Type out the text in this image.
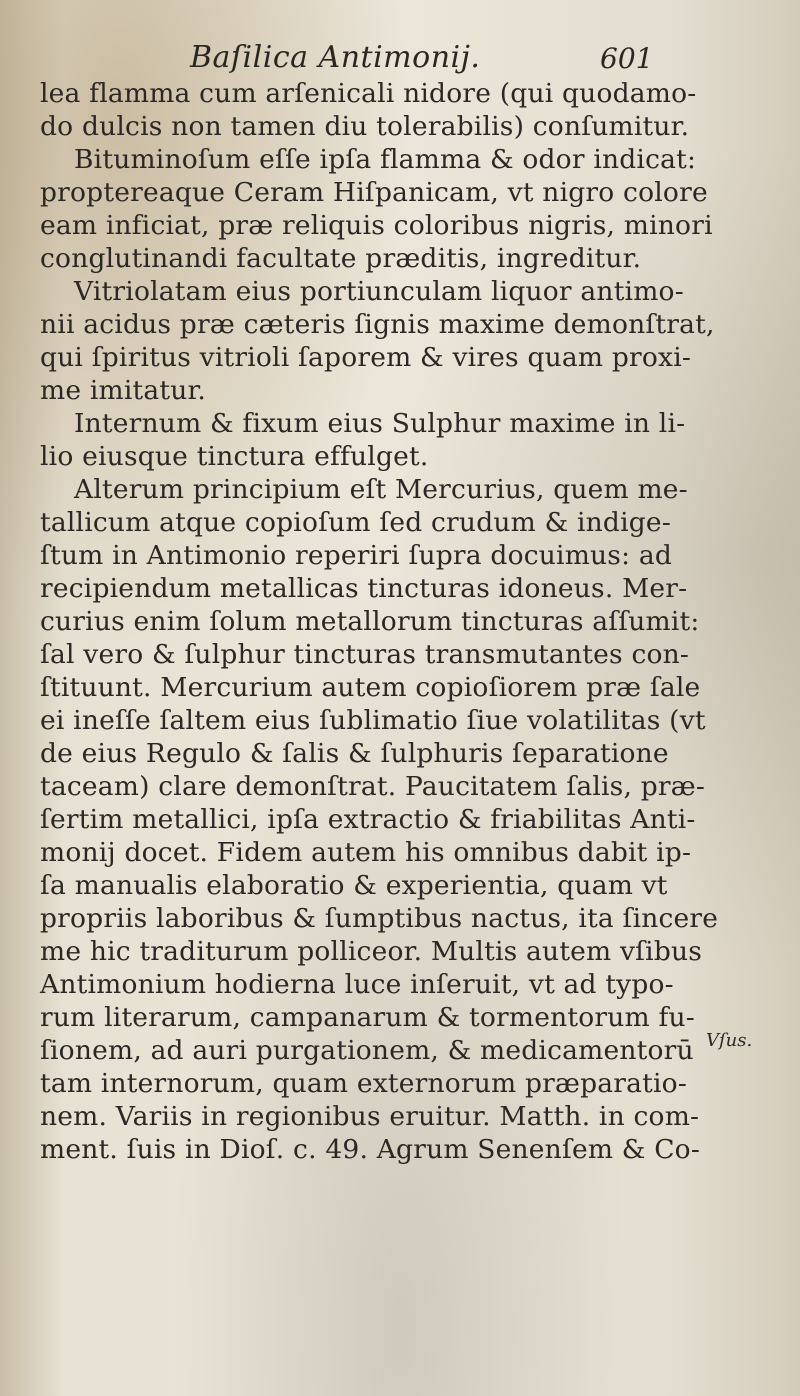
Baſilica Antimonij.	601
lea flamma cum arſenicali nidore (qui quodamo-
do dulcis non tamen diu tolerabilis) conſumitur.
Bituminoſum eſſe ipſa flamma & odor indicat:
proptereaque Ceram Hiſpanicam, vt nigro colore
eam inficiat, præ reliquis coloribus nigris, minori
conglutinandi facultate præditis, ingreditur.
Vitriolatam eius portiunculam liquor antimo-
nii acidus præ cæteris ſignis maxime demonſtrat,
qui ſpiritus vitrioli ſaporem & vires quam proxi-
me imitatur.
Internum & fixum eius Sulphur maxime in li-
lio eiusque tinctura effulget.
Alterum principium eſt Mercurius, quem me-
tallicum atque copioſum ſed crudum & indige-
ſtum in Antimonio reperiri ſupra docuimus: ad
recipiendum metallicas tincturas idoneus. Mer-
curius enim ſolum metallorum tincturas aſſumit:
ſal vero & ſulphur tincturas transmutantes con-
ſtituunt. Mercurium autem copioſiorem præ ſale
ei ineſſe ſaltem eius ſublimatio ſiue volatilitas (vt
de eius Regulo & ſalis & ſulphuris ſeparatione
taceam) clare demonſtrat. Paucitatem ſalis, præ-
ſertim metallici, ipſa extractio & friabilitas Anti-
monij docet. Fidem autem his omnibus dabit ip-
ſa manualis elaboratio & experientia, quam vt
propriis laboribus & ſumptibus nactus, ita ſincere
me hic traditurum polliceor. Multis autem vſibus
Antimonium hodierna luce inſeruit, vt ad typo-
rum literarum, campanarum & tormentorum fu-
ſionem, ad auri purgationem, & medicamentorū
tam internorum, quam externorum præparatio-
nem. Variis in regionibus eruitur. Matth. in com-
ment. ſuis in Dioſ. c. 49. Agrum Senenſem & Co-
Vſus.
